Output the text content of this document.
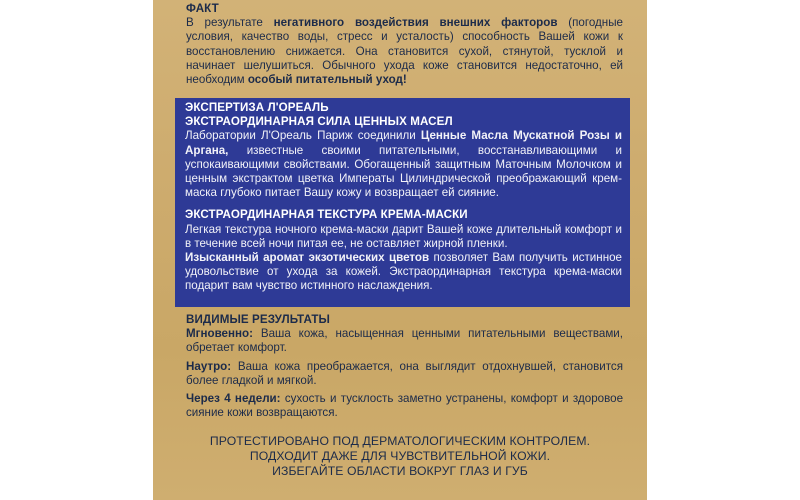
ФАКТ

В результате негативного воздействия внешних факторов (погодные условия, качество воды, стресс и усталость) способность Вашей кожи к восстановлению снижается. Она становится сухой, стянутой, тусклой и начинает шелушиться. Обычного ухода коже становится недостаточно, ей необходим особый питательный уход!

ЭКСПЕРТИЗА Л'ОРЕАЛЬ
ЭКСТРАОРДИНАРНАЯ СИЛА ЦЕННЫХ МАСЕЛ

Лаборатории Л'Ореаль Париж соединили Ценные Масла Мускатной Розы и Аргана, известные своими питательными, восстанавливающими и успокаивающими свойствами. Обогащенный защитным Маточным Молочком и ценным экстрактом цветка Императы Цилиндрической преображающий крем-маска глубоко питает Вашу кожу и возвращает ей сияние.

ЭКСТРАОРДИНАРНАЯ ТЕКСТУРА КРЕМА-МАСКИ

Легкая текстура ночного крема-маски дарит Вашей коже длительный комфорт и в течение всей ночи питая ее, не оставляет жирной пленки.

Изысканный аромат экзотических цветов позволяет Вам получить истинное удовольствие от ухода за кожей. Экстраординарная текстура крема-маски подарит вам чувство истинного наслаждения.

ВИДИМЫЕ РЕЗУЛЬТАТЫ

Мгновенно: Ваша кожа, насыщенная ценными питательными веществами, обретает комфорт.

Наутро: Ваша кожа преображается, она выглядит отдохнувшей, становится более гладкой и мягкой.

Через 4 недели: сухость и тусклость заметно устранены, комфорт и здоровое сияние кожи возвращаются.

ПРОТЕСТИРОВАНО ПОД ДЕРМАТОЛОГИЧЕСКИМ КОНТРОЛЕМ.
ПОДХОДИТ ДАЖЕ ДЛЯ ЧУВСТВИТЕЛЬНОЙ КОЖИ.
ИЗБЕГАЙТЕ ОБЛАСТИ ВОКРУГ ГЛАЗ И ГУБ
